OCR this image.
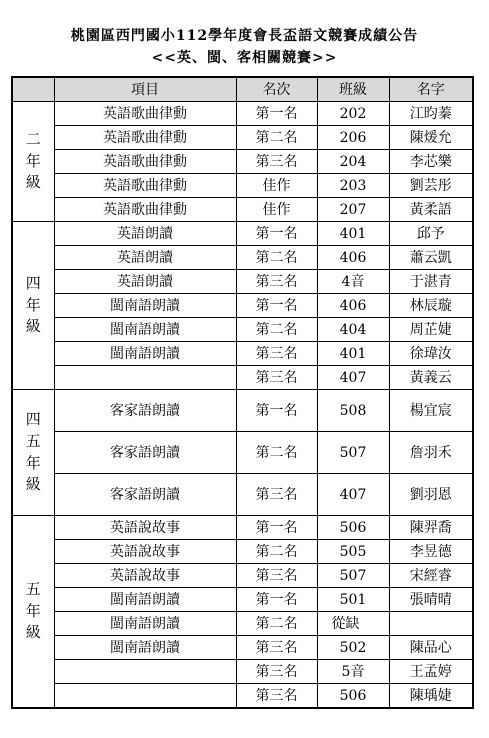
桃園區西門國小112學年度會長盃語文競賽成績公告
<<英、閩、客相關競賽>>
	項目	名次	班級	名字

二
年
級	英語歌曲律動	第一名	202	江昀蓁
	英語歌曲律動	第二名	206	陳煖允
	英語歌曲律動	第三名	204	李芯樂
	英語歌曲律動	佳作	203	劉芸彤
	英語歌曲律動	佳作	207	黃柔語

四
年
級	英語朗讀	第一名	401	邱予
	英語朗讀	第二名	406	蕭云凱
	英語朗讀	第三名	4音	于湛青
	閩南語朗讀	第一名	406	林辰璇
	閩南語朗讀	第二名	404	周芷婕
	閩南語朗讀	第三名	401	徐瑋汝
		第三名	407	黃義云

四
五
年
級	客家語朗讀	第一名	508	楊宜宸
	客家語朗讀	第二名	507	詹羽禾
	客家語朗讀	第三名	407	劉羽恩

五
年
級	英語說故事	第一名	506	陳羿喬
	英語說故事	第二名	505	李昱德
	英語說故事	第三名	507	宋經睿
	閩南語朗讀	第一名	501	張晴晴
	閩南語朗讀	第二名	從缺	
	閩南語朗讀	第三名	502	陳品心
		第三名	5音	王孟婷
		第三名	506	陳瑀婕
